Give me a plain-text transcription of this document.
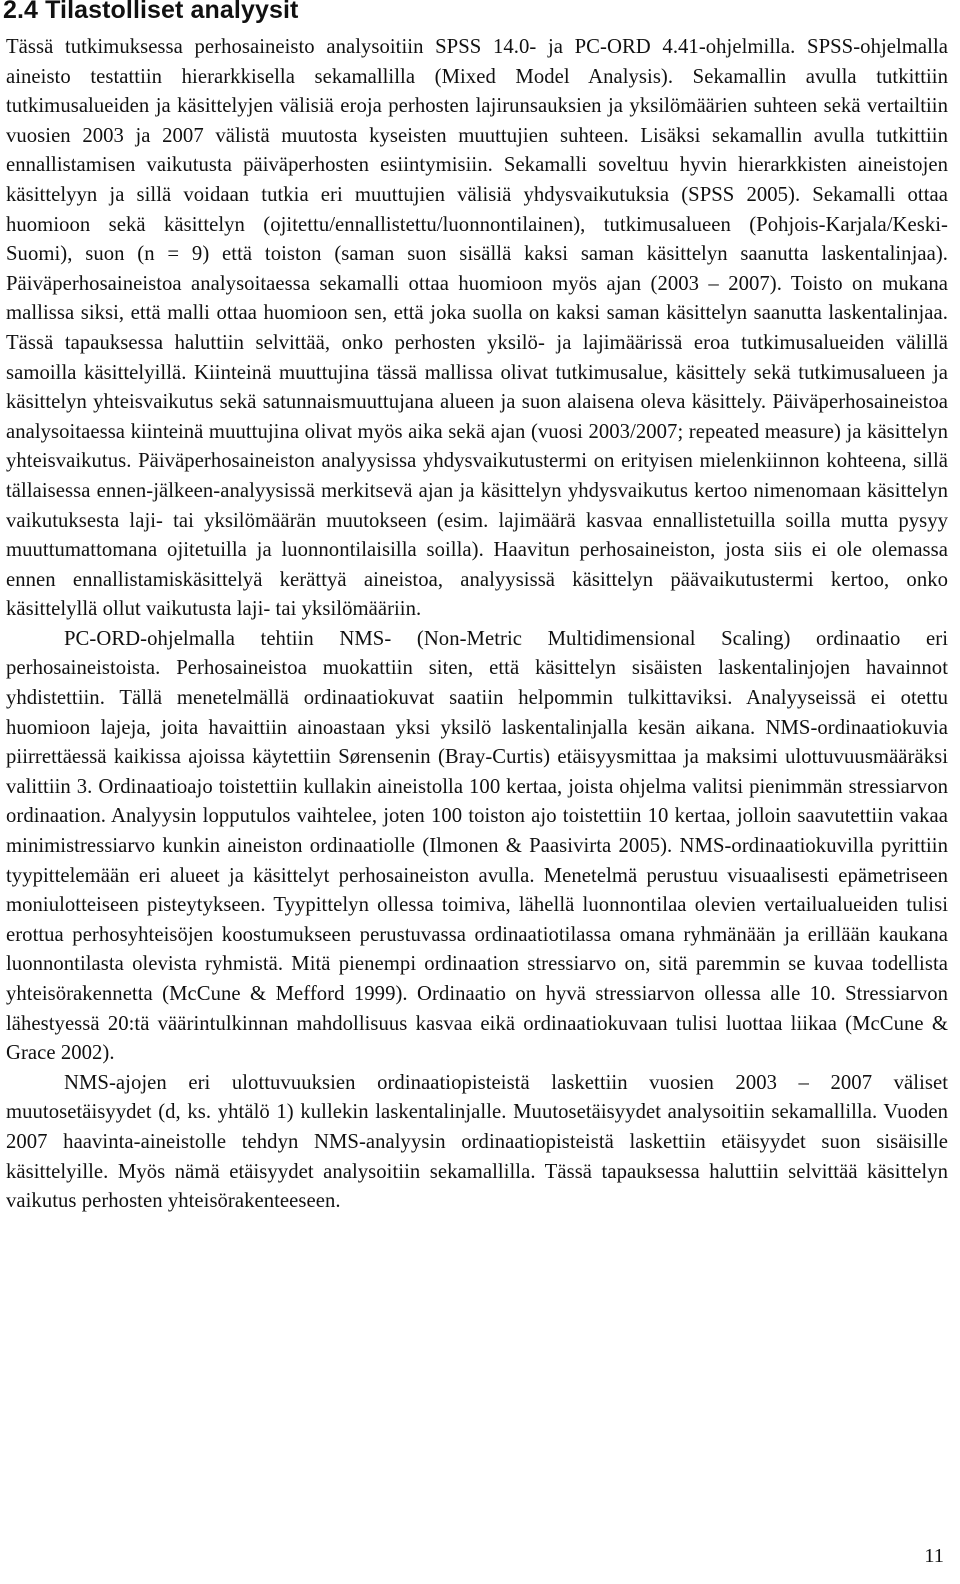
2.4 Tilastolliset analyysit

Tässä tutkimuksessa perhosaineisto analysoitiin SPSS 14.0- ja PC-ORD 4.41-ohjelmilla. SPSS-ohjelmalla aineisto testattiin hierarkkisella sekamallilla (Mixed Model Analysis). Sekamallin avulla tutkittiin tutkimusalueiden ja käsittelyjen välisiä eroja perhosten lajirunsauksien ja yksilömäärien suhteen sekä vertailtiin vuosien 2003 ja 2007 välistä muutosta kyseisten muuttujien suhteen. Lisäksi sekamallin avulla tutkittiin ennallistamisen vaikutusta päiväperhosten esiintymisiin. Sekamalli soveltuu hyvin hierarkkisten aineistojen käsittelyyn ja sillä voidaan tutkia eri muuttujien välisiä yhdysvaikutuksia (SPSS 2005). Sekamalli ottaa huomioon sekä käsittelyn (ojitettu/ennallistettu/luonnontilainen), tutkimusalueen (Pohjois-Karjala/Keski-Suomi), suon (n = 9) että toiston (saman suon sisällä kaksi saman käsittelyn saanutta laskentalinjaa). Päiväperhosaineistoa analysoitaessa sekamalli ottaa huomioon myös ajan (2003 – 2007). Toisto on mukana mallissa siksi, että malli ottaa huomioon sen, että joka suolla on kaksi saman käsittelyn saanutta laskentalinjaa. Tässä tapauksessa haluttiin selvittää, onko perhosten yksilö- ja lajimäärissä eroa tutkimusalueiden välillä samoilla käsittelyillä. Kiinteinä muuttujina tässä mallissa olivat tutkimusalue, käsittely sekä tutkimusalueen ja käsittelyn yhteisvaikutus sekä satunnaismuuttujana alueen ja suon alaisena oleva käsittely. Päiväperhosaineistoa analysoitaessa kiinteinä muuttujina olivat myös aika sekä ajan (vuosi 2003/2007; repeated measure) ja käsittelyn yhteisvaikutus. Päiväperhosaineiston analyysissa yhdysvaikutustermi on erityisen mielenkiinnon kohteena, sillä tällaisessa ennen-jälkeen-analyysissä merkitsevä ajan ja käsittelyn yhdysvaikutus kertoo nimenomaan käsittelyn vaikutuksesta laji- tai yksilömäärän muutokseen (esim. lajimäärä kasvaa ennallistetuilla soilla mutta pysyy muuttumattomana ojitetuilla ja luonnontilaisilla soilla). Haavitun perhosaineiston, josta siis ei ole olemassa ennen ennallistamiskäsittelyä kerättyä aineistoa, analyysissä käsittelyn päävaikutustermi kertoo, onko käsittelyllä ollut vaikutusta laji- tai yksilömääriin.

PC-ORD-ohjelmalla tehtiin NMS- (Non-Metric Multidimensional Scaling) ordinaatio eri perhosaineistoista. Perhosaineistoa muokattiin siten, että käsittelyn sisäisten laskentalinjojen havainnot yhdistettiin. Tällä menetelmällä ordinaatiokuvat saatiin helpommin tulkittaviksi. Analyyseissä ei otettu huomioon lajeja, joita havaittiin ainoastaan yksi yksilö laskentalinjalla kesän aikana. NMS-ordinaatiokuvia piirrettäessä kaikissa ajoissa käytettiin Sørensenin (Bray-Curtis) etäisyysmittaa ja maksimi ulottuvuusmääräksi valittiin 3. Ordinaatioajo toistettiin kullakin aineistolla 100 kertaa, joista ohjelma valitsi pienimmän stressiarvon ordinaation. Analyysin lopputulos vaihtelee, joten 100 toiston ajo toistettiin 10 kertaa, jolloin saavutettiin vakaa minimistressiarvo kunkin aineiston ordinaatiolle (Ilmonen & Paasivirta 2005). NMS-ordinaatiokuvilla pyrittiin tyypittelemään eri alueet ja käsittelyt perhosaineiston avulla. Menetelmä perustuu visuaalisesti epämetriseen moniulotteiseen pisteytykseen. Tyypittelyn ollessa toimiva, lähellä luonnontilaa olevien vertailualueiden tulisi erottua perhosyhteisöjen koostumukseen perustuvassa ordinaatiotilassa omana ryhmänään ja erillään kaukana luonnontilasta olevista ryhmistä. Mitä pienempi ordinaation stressiarvo on, sitä paremmin se kuvaa todellista yhteisörakennetta (McCune & Mefford 1999). Ordinaatio on hyvä stressiarvon ollessa alle 10. Stressiarvon lähestyessä 20:tä väärintulkinnan mahdollisuus kasvaa eikä ordinaatiokuvaan tulisi luottaa liikaa (McCune & Grace 2002).

NMS-ajojen eri ulottuvuuksien ordinaatiopisteistä laskettiin vuosien 2003 – 2007 väliset muutosetäisyydet (d, ks. yhtälö 1) kullekin laskentalinjalle. Muutosetäisyydet analysoitiin sekamallilla. Vuoden 2007 haavinta-aineistolle tehdyn NMS-analyysin ordinaatiopisteistä laskettiin etäisyydet suon sisäisille käsittelyille. Myös nämä etäisyydet analysoitiin sekamallilla. Tässä tapauksessa haluttiin selvittää käsittelyn vaikutus perhosten yhteisörakenteeseen.

11
